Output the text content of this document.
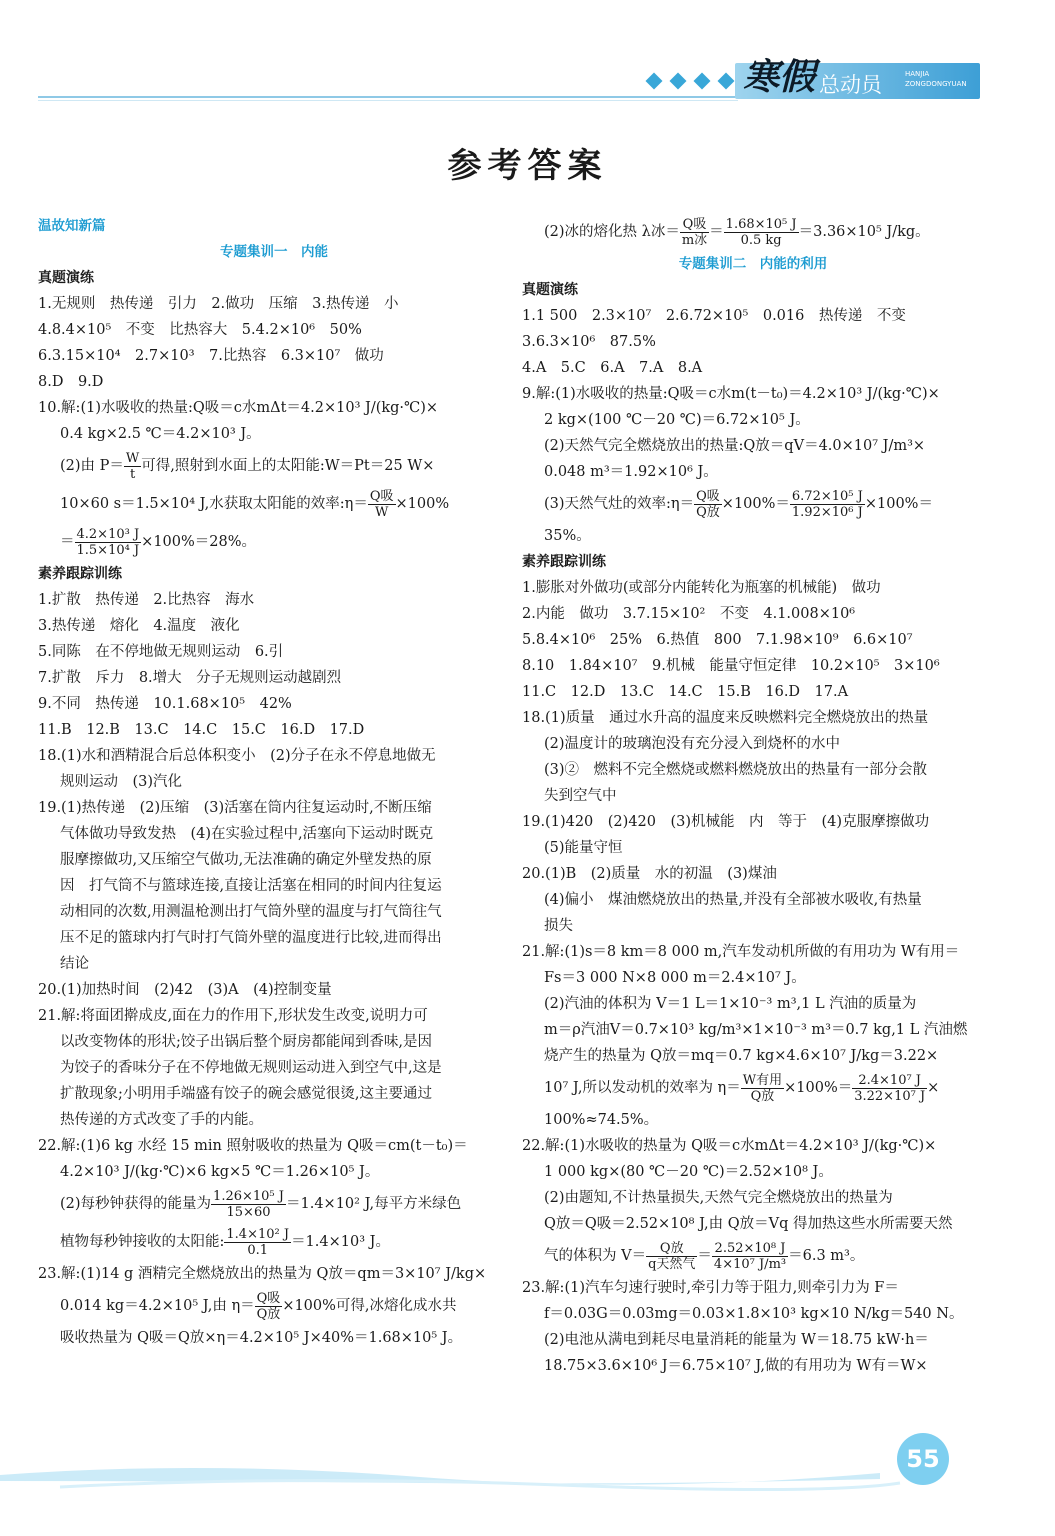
寒假 总动员	HANJIA
ZONGDONGYUAN
参考答案
温故知新篇
专题集训一　内能
真题演练
1.无规则　热传递　引力　2.做功　压缩　3.热传递　小
4.8.4×10⁵　不变　比热容大　5.4.2×10⁶　50%
6.3.15×10⁴　2.7×10³　7.比热容　6.3×10⁷　做功
8.D　9.D
10.解:(1)水吸收的热量:Q吸＝c水mΔt＝4.2×10³ J/(kg·℃)×
0.4 kg×2.5 ℃＝4.2×10³ J。
(2)由 $P= \frac{W}{t}$ 可得,照射到水面上的太阳能:W＝Pt＝25 W×
10×60 s＝1.5×10⁴ J,水获取太阳能的效率:η＝ $\frac{\text{Q吸}}{W} \times 100\%$
＝ $\frac{\text{4.2×10³ J}}{\text{1.5×10⁴ J}} \times 100\%=28\%$。
素养跟踪训练
1.扩散　热传递　2.比热容　海水
3.热传递　熔化　4.温度　液化
5.同陈　在不停地做无规则运动　6.引
7.扩散　斥力　8.增大　分子无规则运动越剧烈
9.不同　热传递　10.1.68×10⁵　42%
11.B　12.B　13.C　14.C　15.C　16.D　17.D
18.(1)水和酒精混合后总体积变小　(2)分子在永不停息地做无
规则运动　(3)汽化
19.(1)热传递　(2)压缩　(3)活塞在筒内往复运动时,不断压缩
气体做功导致发热　(4)在实验过程中,活塞向下运动时既克
服摩擦做功,又压缩空气做功,无法准确的确定外壁发热的原
因　打气筒不与篮球连接,直接让活塞在相同的时间内往复运
动相同的次数,用测温枪测出打气筒外壁的温度与打气筒往气
压不足的篮球内打气时打气筒外壁的温度进行比较,进而得出
结论
20.(1)加热时间　(2)42　(3)A　(4)控制变量
21.解:将面团擀成皮,面在力的作用下,形状发生改变,说明力可
以改变物体的形状;饺子出锅后整个厨房都能闻到香味,是因
为饺子的香味分子在不停地做无规则运动进入到空气中,这是
扩散现象;小明用手端盛有饺子的碗会感觉很烫,这主要通过
热传递的方式改变了手的内能。
22.解:(1)6 kg 水经 15 min 照射吸收的热量为 Q吸＝cm(t－t₀)＝
4.2×10³ J/(kg·℃)×6 kg×5 ℃＝1.26×10⁵ J。
(2)每秒钟获得的能量为 $\frac{\text{1.26×10⁵ J}}{15\times 60} =1.4\times 10^2$ J,每平方米绿色
植物每秒钟接收的太阳能: $\frac{\text{1.4×10² J}}{0.1} =1.4\times 10^3$ J。
23.解:(1)14 g 酒精完全燃烧放出的热量为 Q放＝qm＝3×10⁷ J/kg×
0.014 kg＝4.2×10⁵ J,由 $\eta= \frac{\text{Q吸}}{\text{Q放}} \times 100\%$可得,冰熔化成水共
吸收热量为 Q吸＝Q放×η＝4.2×10⁵ J×40%＝1.68×10⁵ J。
(2)冰的熔化热 λ冰＝ $\frac{\text{Q吸}}{\text{m冰}} = \frac{\text{1.68×10⁵ J}}{0.5 kg} =3.36\times 10^5$ J/kg。
专题集训二　内能的利用
真题演练
1.1 500　2.3×10⁷　2.6.72×10⁵　0.016　热传递　不变
3.6.3×10⁶　87.5%
4.A　5.C　6.A　7.A　8.A
9.解:(1)水吸收的热量:Q吸＝c水m(t－t₀)＝4.2×10³ J/(kg·℃)×
2 kg×(100 ℃－20 ℃)＝6.72×10⁵ J。
(2)天然气完全燃烧放出的热量:Q放＝qV＝4.0×10⁷ J/m³×
0.048 m³＝1.92×10⁶ J。
(3)天然气灶的效率:η＝ $\frac{\text{Q吸}}{\text{Q放}} \times 100\%= \frac{\text{6.72×10⁵ J}}{\text{1.92×10⁶ J}} \times 100\%=$
35%。
素养跟踪训练
1.膨胀对外做功(或部分内能转化为瓶塞的机械能)　做功
2.内能　做功　3.7.15×10²　不变　4.1.008×10⁶
5.8.4×10⁶　25%　6.热值　800　7.1.98×10⁹　6.6×10⁷
8.10　1.84×10⁷　9.机械　能量守恒定律　10.2×10⁵　3×10⁶
11.C　12.D　13.C　14.C　15.B　16.D　17.A
18.(1)质量　通过水升高的温度来反映燃料完全燃烧放出的热量
(2)温度计的玻璃泡没有充分浸入到烧杯的水中
(3)②　燃料不完全燃烧或燃料燃烧放出的热量有一部分会散
失到空气中
19.(1)420　(2)420　(3)机械能　内　等于　(4)克服摩擦做功
(5)能量守恒
20.(1)B　(2)质量　水的初温　(3)煤油
(4)偏小　煤油燃烧放出的热量,并没有全部被水吸收,有热量
损失
21.解:(1)s＝8 km＝8 000 m,汽车发动机所做的有用功为 W有用＝
Fs＝3 000 N×8 000 m＝2.4×10⁷ J。
(2)汽油的体积为 V＝1 L＝1×10⁻³ m³,1 L 汽油的质量为
m＝ρ汽油V＝0.7×10³ kg/m³×1×10⁻³ m³＝0.7 kg,1 L 汽油燃
烧产生的热量为 Q放＝mq＝0.7 kg×4.6×10⁷ J/kg＝3.22×
10⁷ J,所以发动机的效率为 $\eta= \frac{\text{W有用}}{\text{Q放}} \times 100\%= \frac{\text{2.4×10⁷ J}}{\text{3.22×10⁷ J}}$ ×
100%≈74.5%。
22.解:(1)水吸收的热量为 Q吸＝c水mΔt＝4.2×10³ J/(kg·℃)×
1 000 kg×(80 ℃－20 ℃)＝2.52×10⁸ J。
(2)由题知,不计热量损失,天然气完全燃烧放出的热量为
Q放＝Q吸＝2.52×10⁸ J,由 Q放＝Vq 得加热这些水所需要天然
气的体积为 $V= \frac{\text{Q放}}{\text{q天然气}} = \frac{\text{2.52×10⁸ J}}{\text{4×10⁷ J/m³}} =6.3$ m³。
23.解:(1)汽车匀速行驶时,牵引力等于阻力,则牵引力为 F＝
f＝0.03G＝0.03mg＝0.03×1.8×10³ kg×10 N/kg＝540 N。
(2)电池从满电到耗尽电量消耗的能量为 W＝18.75 kW·h＝
18.75×3.6×10⁶ J＝6.75×10⁷ J,做的有用功为 W有＝W×
55
